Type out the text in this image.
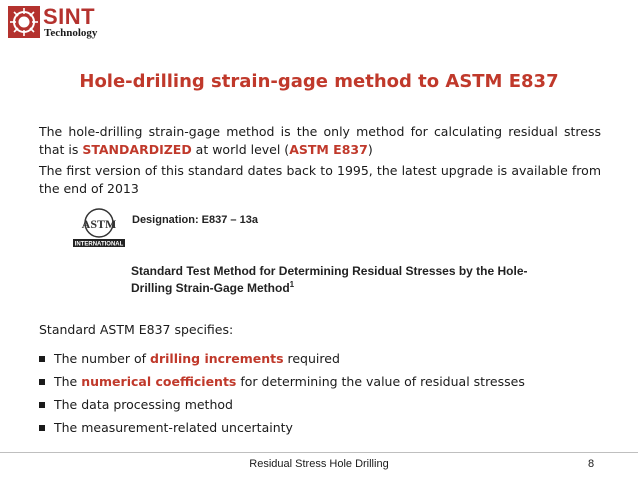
SINT
Technology
Hole-drilling strain-gage method to ASTM E837
The hole-drilling strain-gage method is the only method for calculating residual stress that is STANDARDIZED at world level (ASTM E837)
The first version of this standard dates back to 1995, the latest upgrade is available from the end of 2013
ASTM
INTERNATIONAL
Designation: E837 – 13a
Standard Test Method for Determining Residual Stresses by the Hole-Drilling Strain-Gage Method$^1$
Standard ASTM E837 specifies:
The number of drilling increments required
The numerical coefficients for determining the value of residual stresses
The data processing method
The measurement-related uncertainty
Residual Stress Hole Drilling	8
